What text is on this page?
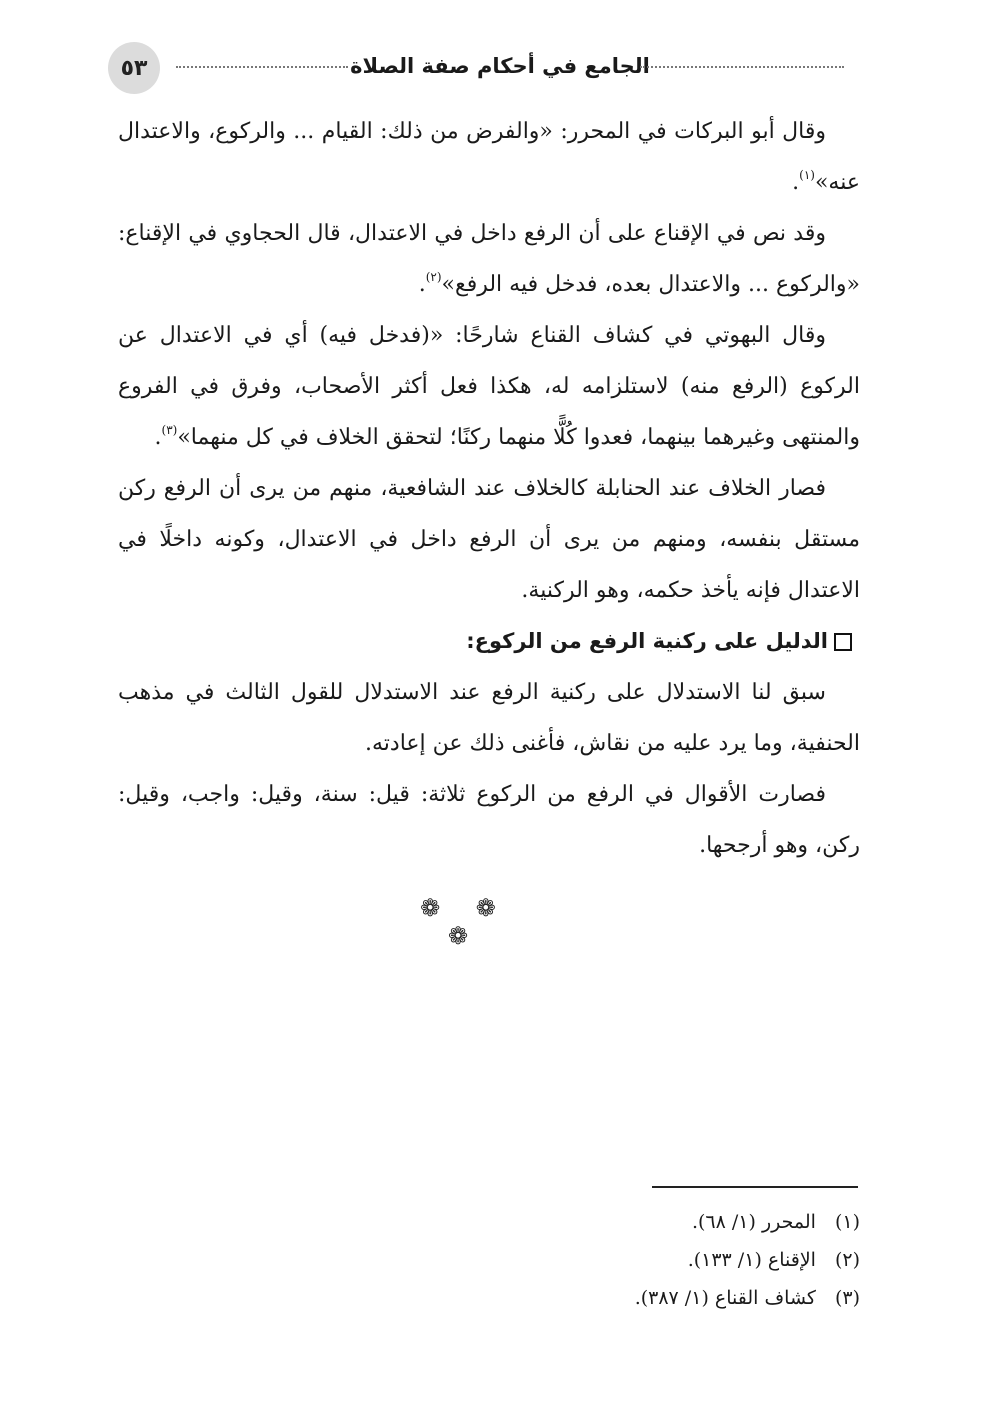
٥٣	الجامع في أحكام صفة الصلاة

وقال أبو البركات في المحرر: «والفرض من ذلك: القيام ... والركوع، والاعتدال عنه»$^{(١)}$.

وقد نص في الإقناع على أن الرفع داخل في الاعتدال، قال الحجاوي في الإقناع: «والركوع ... والاعتدال بعده، فدخل فيه الرفع»$^{(٢)}$.

وقال البهوتي في كشاف القناع شارحًا: «(فدخل فيه) أي في الاعتدال عن الركوع (الرفع منه) لاستلزامه له، هكذا فعل أكثر الأصحاب، وفرق في الفروع والمنتهى وغيرهما بينهما، فعدوا كُلًّا منهما ركنًا؛ لتحقق الخلاف في كل منهما»$^{(٣)}$.

فصار الخلاف عند الحنابلة كالخلاف عند الشافعية، منهم من يرى أن الرفع ركن مستقل بنفسه، ومنهم من يرى أن الرفع داخل في الاعتدال، وكونه داخلًا في الاعتدال فإنه يأخذ حكمه، وهو الركنية.

الدليل على ركنية الرفع من الركوع:

سبق لنا الاستدلال على ركنية الرفع عند الاستدلال للقول الثالث في مذهب الحنفية، وما يرد عليه من نقاش، فأغنى ذلك عن إعادته.

فصارت الأقوال في الرفع من الركوع ثلاثة: قيل: سنة، وقيل: واجب، وقيل: ركن، وهو أرجحها.

❁ ❁ ❁

(١) المحرر (١/ ٦٨).

(٢) الإقناع (١/ ١٣٣).

(٣) كشاف القناع (١/ ٣٨٧).
